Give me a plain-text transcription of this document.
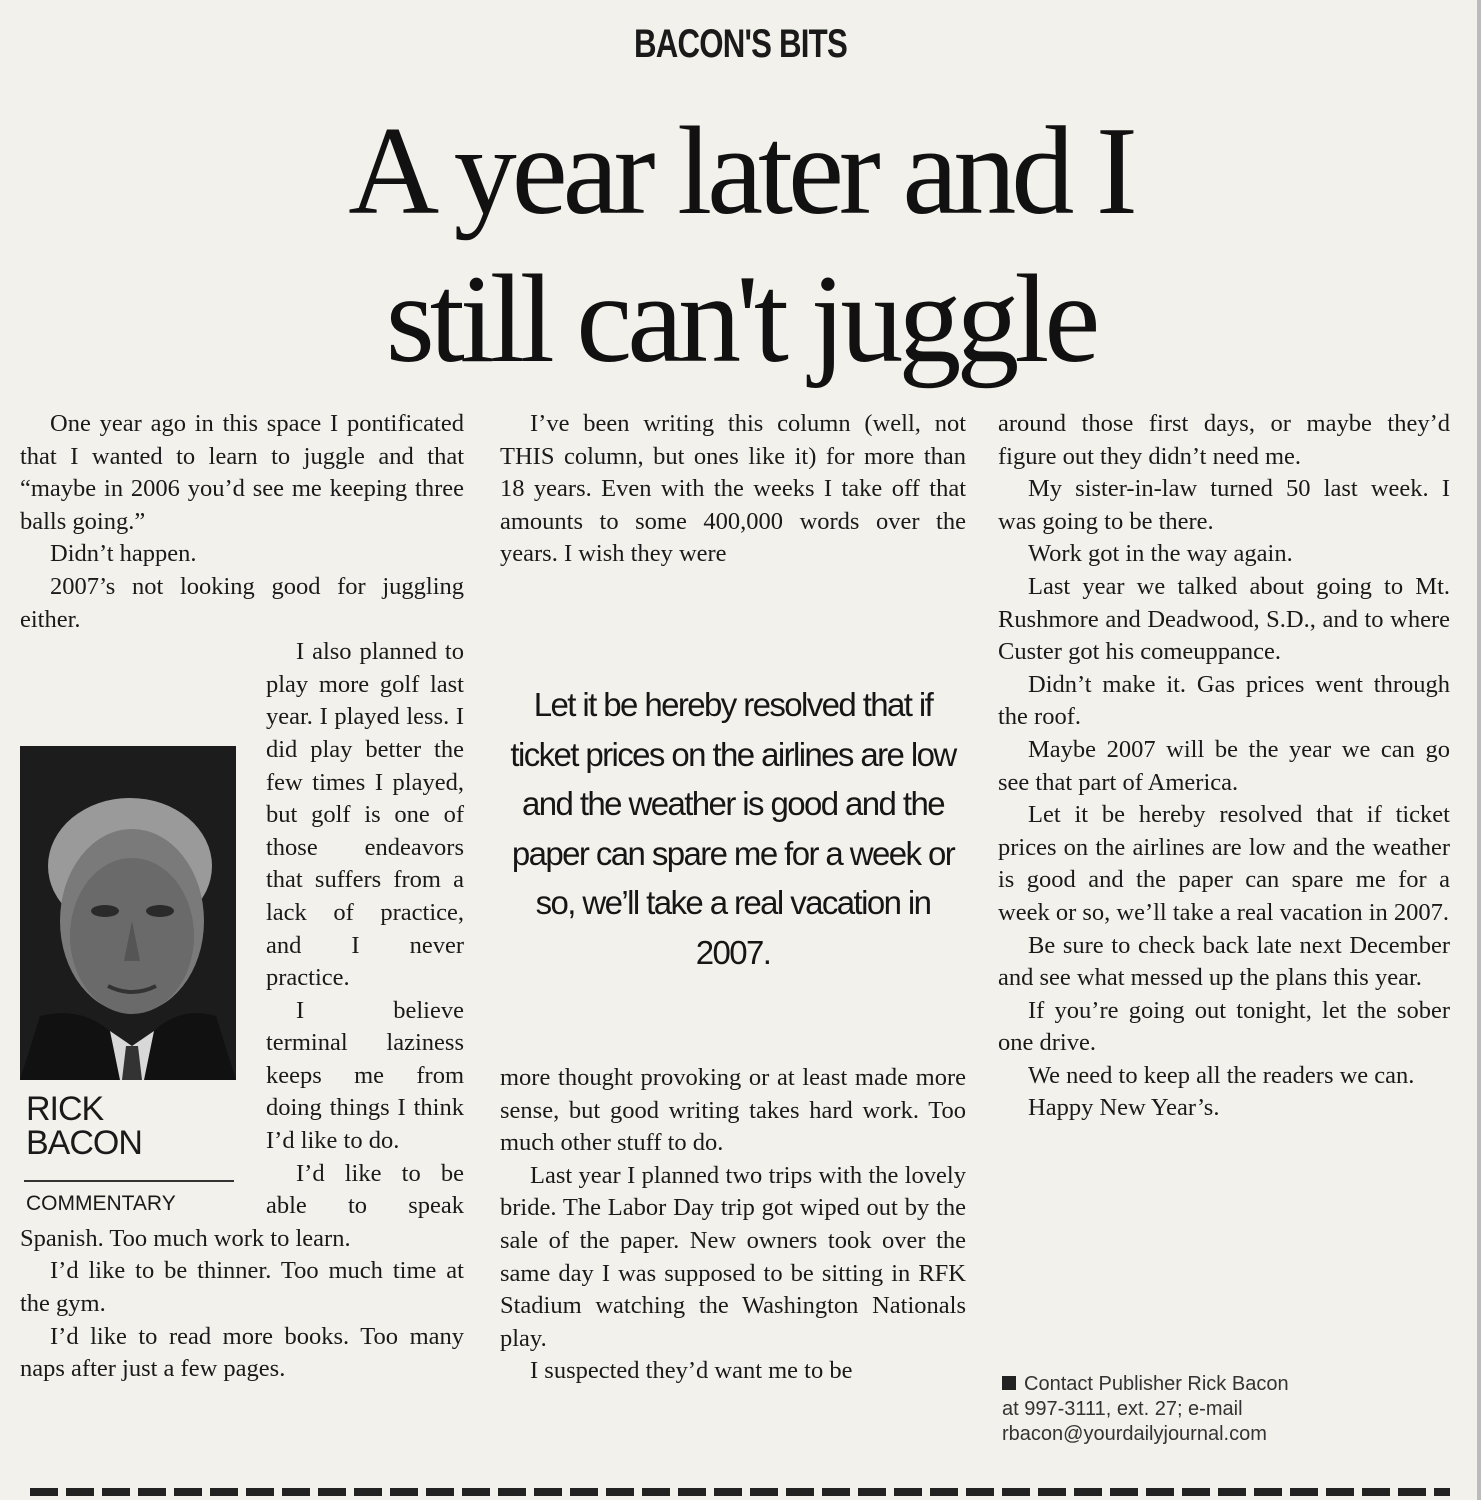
BACON'S BITS
A year later and I
still can't juggle

One year ago in this space I pontificated that I wanted to learn to juggle and that “maybe in 2006 you’d see me keeping three balls going.”

Didn’t happen.

2007’s not looking good for juggling either.

I also planned to play more golf last year. I played less. I did play better the few times I played, but golf is one of those endeavors that suffers from a lack of practice, and I never practice.

I believe terminal laziness keeps me from doing things I think I’d like to do.

I’d like to be able to speak Spanish. Too much work to learn.

I’d like to be thinner. Too much time at the gym.

I’d like to read more books. Too many naps after just a few pages.

RICK
BACON
COMMENTARY

I’ve been writing this column (well, not THIS column, but ones like it) for more than 18 years. Even with the weeks I take off that amounts to some 400,000 words over the years. I wish they were

Let it be hereby resolved that if ticket prices on the airlines are low and the weather is good and the paper can spare me for a week or so, we’ll take a real vacation in 2007.

more thought provoking or at least made more sense, but good writing takes hard work. Too much other stuff to do.

Last year I planned two trips with the lovely bride. The Labor Day trip got wiped out by the sale of the paper. New owners took over the same day I was supposed to be sitting in RFK Stadium watching the Washington Nationals play.

I suspected they’d want me to be

around those first days, or maybe they’d figure out they didn’t need me.

My sister-in-law turned 50 last week. I was going to be there.

Work got in the way again.

Last year we talked about going to Mt. Rushmore and Deadwood, S.D., and to where Custer got his comeuppance.

Didn’t make it. Gas prices went through the roof.

Maybe 2007 will be the year we can go see that part of America.

Let it be hereby resolved that if ticket prices on the airlines are low and the weather is good and the paper can spare me for a week or so, we’ll take a real vacation in 2007.

Be sure to check back late next December and see what messed up the plans this year.

If you’re going out tonight, let the sober one drive.

We need to keep all the readers we can.

Happy New Year’s.

Contact Publisher Rick Bacon
at 997-3111, ext. 27; e-mail
rbacon@yourdailyjournal.com
